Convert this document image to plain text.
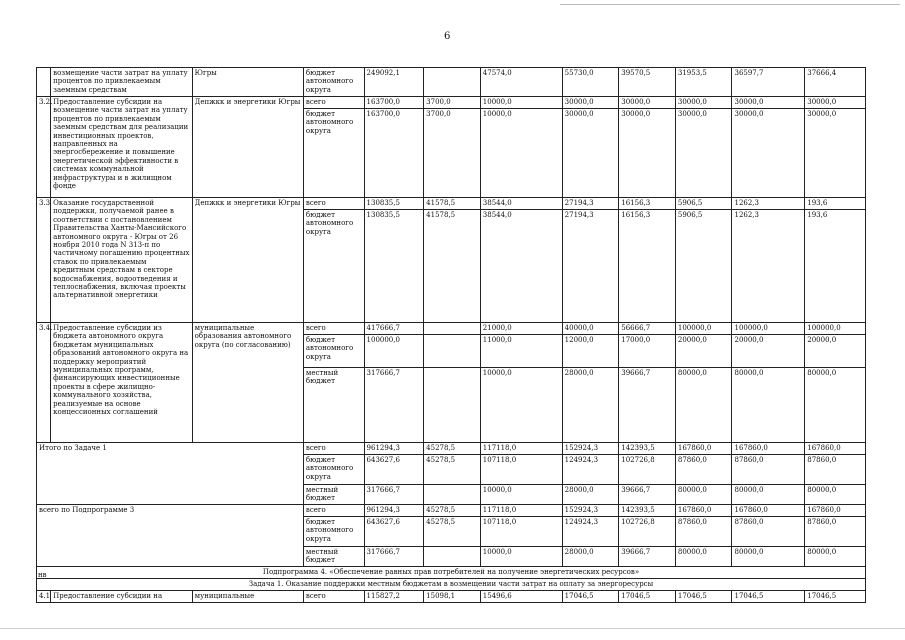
6
	возмещение части затрат на уплату процентов по привлекаемым заемным средствам	Югры	бюджет автономного округа	249092,1		47574,0	55730,0	39570,5	31953,5	36597,7	37666,4
3.2.	Предоставление субсидии на возмещение части затрат на уплату процентов по привлекаемым заемным средствам для реализации инвестиционных проектов, направленных на энергосбережение и повышение энергетической эффективности в системах коммунальной инфраструктуры и в жилищном фонде	Депжкк и энергетики Югры	всего	163700,0	3700,0	10000,0	30000,0	30000,0	30000,0	30000,0	30000,0
			бюджет автономного округа	163700,0	3700,0	10000,0	30000,0	30000,0	30000,0	30000,0	30000,0
3.3	Оказание государственной поддержки, получаемой ранее в соответствии с постановлением Правительства Ханты-Мансийского автономного округа - Югры от 26 ноября 2010 года N 313-п по частичному погашению процентных ставок по привлекаемым кредитным средствам в секторе водоснабжения, водоотведения и теплоснабжения, включая проекты альтернативной энергетики	Депжкк и энергетики Югры	всего	130835,5	41578,5	38544,0	27194,3	16156,3	5906,5	1262,3	193,6
			бюджет автономного округа	130835,5	41578,5	38544,0	27194,3	16156,3	5906,5	1262,3	193,6
3.4.	Предоставление субсидии из бюджета автономного округа бюджетам муниципальных образований автономного округа на поддержку мероприятий муниципальных программ, финансирующих инвестиционные проекты в сфере жилищно-коммунального хозяйства, реализуемые на основе концессионных соглашений	муниципальные образования автономного округа (по согласованию)	всего	417666,7		21000,0	40000,0	56666,7	100000,0	100000,0	100000,0
			бюджет автономного округа	100000,0		11000,0	12000,0	17000,0	20000,0	20000,0	20000,0
			местный бюджет	317666,7		10000,0	28000,0	39666,7	80000,0	80000,0	80000,0
Итого по Задаче 1			всего	961294,3	45278,5	117118,0	152924,3	142393,5	167860,0	167860,0	167860,0
			бюджет автономного округа	643627,6	45278,5	107118,0	124924,3	102726,8	87860,0	87860,0	87860,0
			местный бюджет	317666,7		10000,0	28000,0	39666,7	80000,0	80000,0	80000,0
всего по Подпрограмме 3			всего	961294,3	45278,5	117118,0	152924,3	142393,5	167860,0	167860,0	167860,0
			бюджет автономного округа	643627,6	45278,5	107118,0	124924,3	102726,8	87860,0	87860,0	87860,0
			местный бюджет	317666,7		10000,0	28000,0	39666,7	80000,0	80000,0	80000,0
Подпрограмма 4. «Обеспечение равных прав потребителей на получение энергетических ресурсов»											
Задача 1. Оказание поддержки местным бюджетам в возмещении части затрат на оплату за энергоресурсы											
4.1	Предоставление субсидии на	муниципальные	всего	115827,2	15098,1	15496,6	17046,5	17046,5	17046,5	17046,5	17046,5
нв
